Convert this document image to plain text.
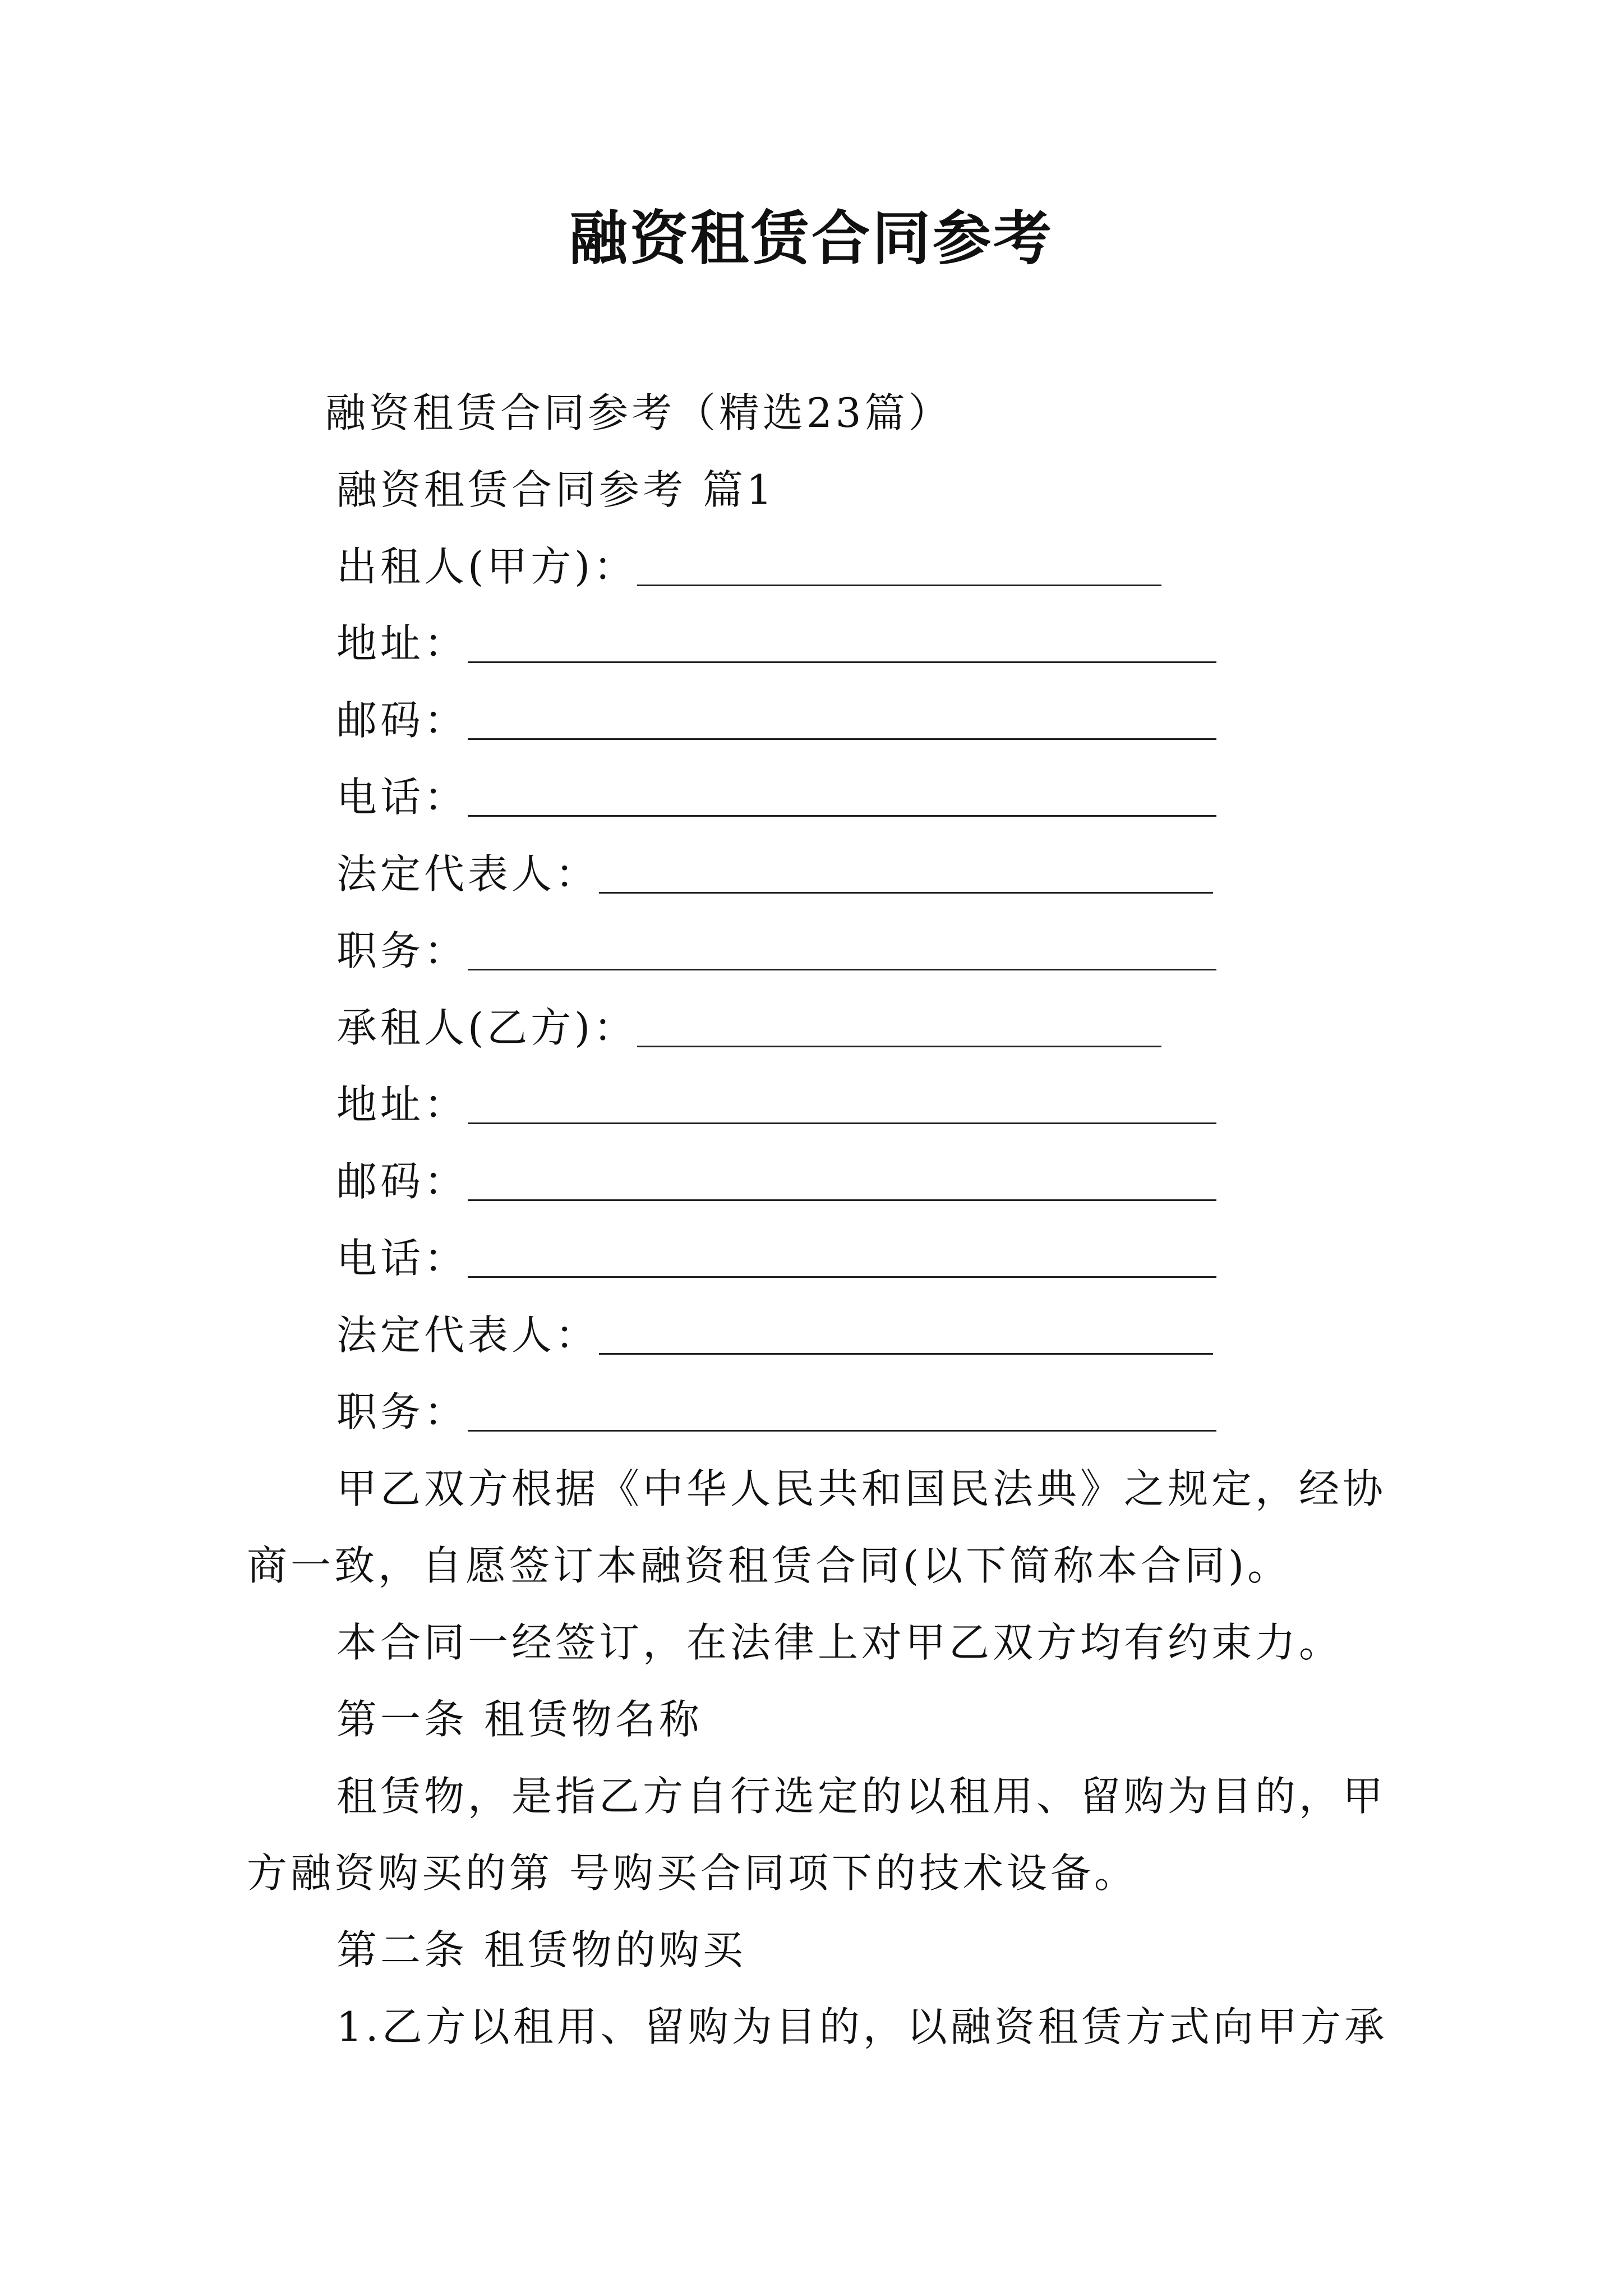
融资租赁合同参考
融资租赁合同参考（精选23篇）
融资租赁合同参考 篇1
出租人(甲方)：
地址：
邮码：
电话：
法定代表人：
职务：
承租人(乙方)：
地址：
邮码：
电话：
法定代表人：
职务：
甲乙双方根据《中华人民共和国民法典》之规定，经协
商一致，自愿签订本融资租赁合同(以下简称本合同)。
本合同一经签订，在法律上对甲乙双方均有约束力。
第一条 租赁物名称
租赁物，是指乙方自行选定的以租用、留购为目的，甲
方融资购买的第 号购买合同项下的技术设备。
第二条 租赁物的购买
1.乙方以租用、留购为目的，以融资租赁方式向甲方承
